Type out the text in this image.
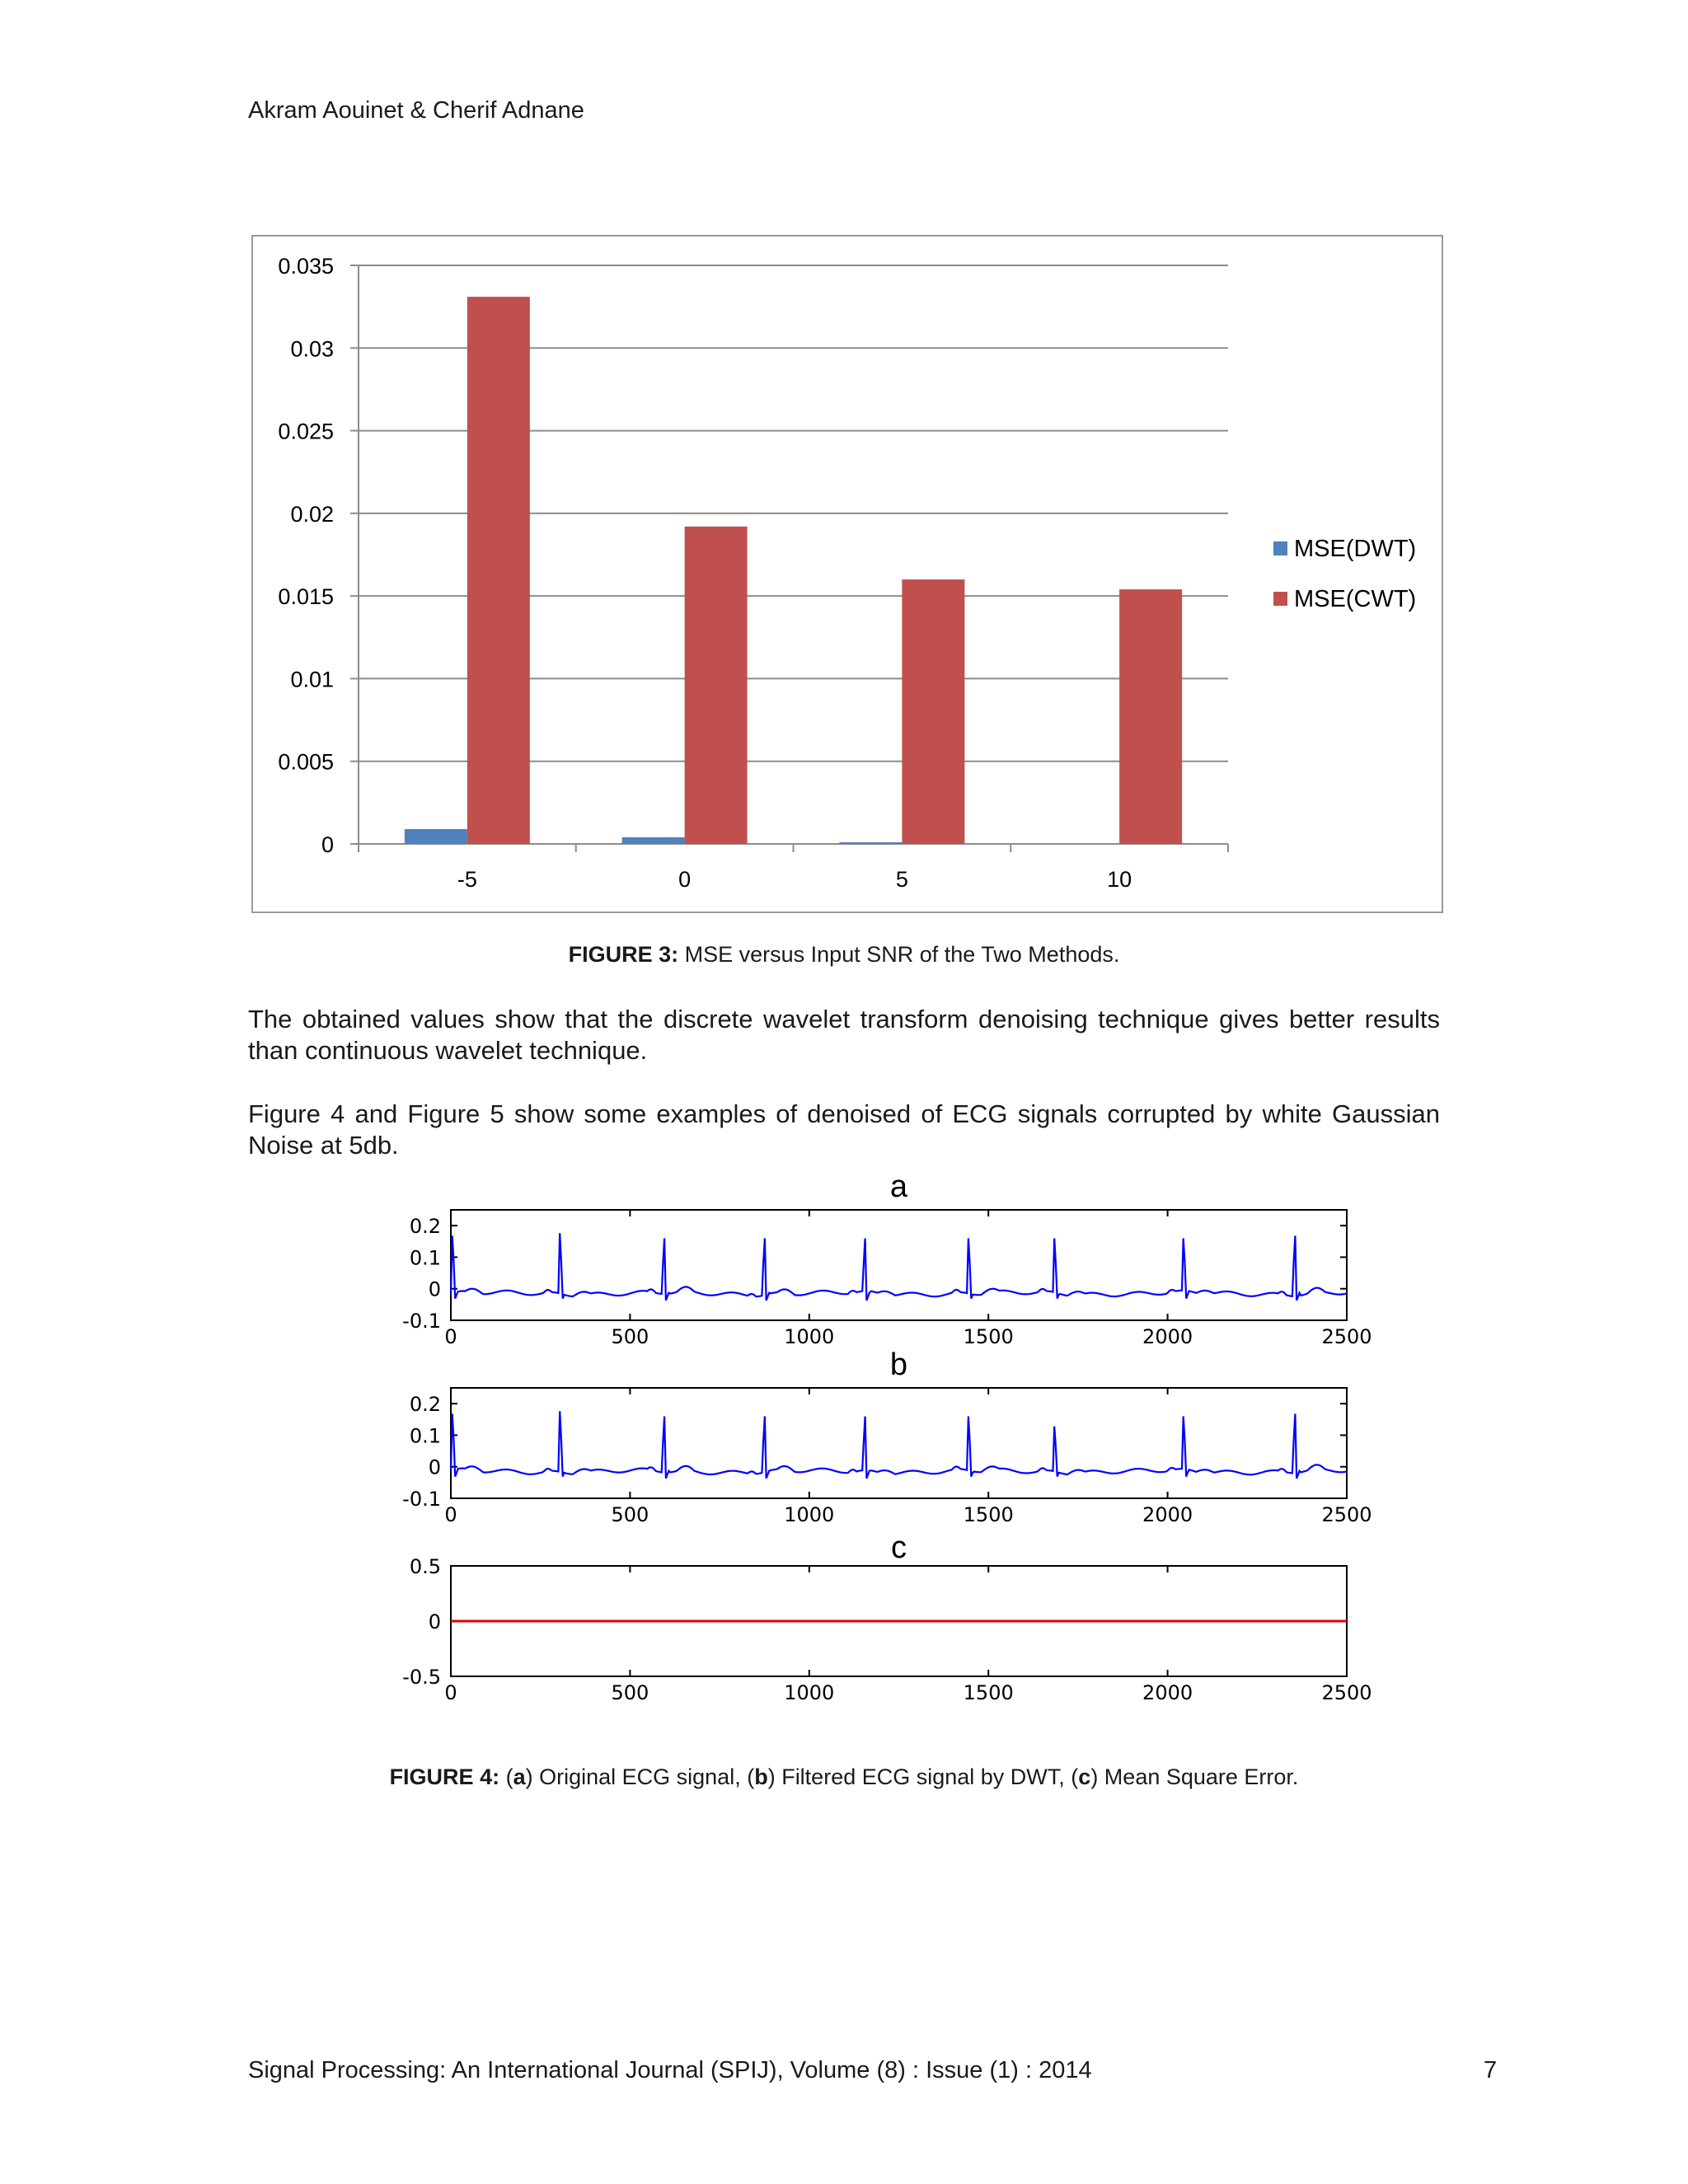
Akram Aouinet & Cherif Adnane
0
0.005
0.01
0.015
0.02
0.025
0.03
0.035
-5	0	5	10
MSE(DWT)
MSE(CWT)
FIGURE 3: MSE versus Input SNR of the Two Methods.
The obtained values show that the discrete wavelet transform denoising technique gives better results than continuous wavelet technique.
Figure 4 and Figure 5 show some examples of denoised of ECG signals corrupted by white Gaussian Noise at 5db.
a
0	500	1000	1500	2000	2500
-0.1
0
0.1
0.2
b
0	500	1000	1500	2000	2500
-0.1
0
0.1
0.2
c
0	500	1000	1500	2000	2500
-0.5
0
0.5
FIGURE 4: (a) Original ECG signal, (b) Filtered ECG signal by DWT, (c) Mean Square Error.
Signal Processing: An International Journal (SPIJ), Volume (8) : Issue (1) : 2014	7
